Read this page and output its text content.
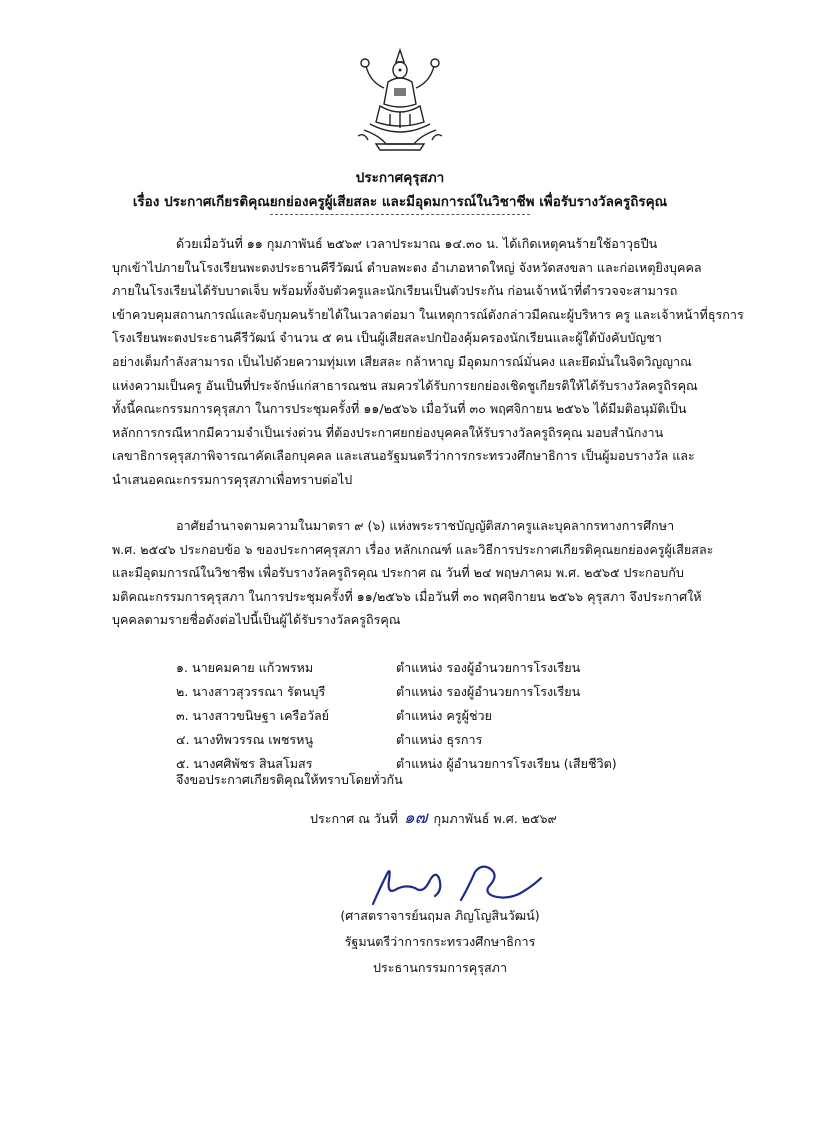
ประกาศคุรุสภา
เรื่อง ประกาศเกียรติคุณยกย่องครูผู้เสียสละ และมีอุดมการณ์ในวิชาชีพ เพื่อรับรางวัลครูถิรคุณ
ด้วยเมื่อวันที่ ๑๑ กุมภาพันธ์ ๒๕๖๙ เวลาประมาณ ๑๔.๓๐ น. ได้เกิดเหตุคนร้ายใช้อาวุธปืน
บุกเข้าไปภายในโรงเรียนพะตงประธานคีรีวัฒน์ ตำบลพะตง อำเภอหาดใหญ่ จังหวัดสงขลา และก่อเหตุยิงบุคคล
ภายในโรงเรียนได้รับบาดเจ็บ พร้อมทั้งจับตัวครูและนักเรียนเป็นตัวประกัน ก่อนเจ้าหน้าที่ตำรวจจะสามารถ
เข้าควบคุมสถานการณ์และจับกุมคนร้ายได้ในเวลาต่อมา ในเหตุการณ์ดังกล่าวมีคณะผู้บริหาร ครู และเจ้าหน้าที่ธุรการ
โรงเรียนพะตงประธานคีรีวัฒน์ จำนวน ๕ คน เป็นผู้เสียสละปกป้องคุ้มครองนักเรียนและผู้ใต้บังคับบัญชา
อย่างเต็มกำลังสามารถ เป็นไปด้วยความทุ่มเท เสียสละ กล้าหาญ มีอุดมการณ์มั่นคง และยึดมั่นในจิตวิญญาณ
แห่งความเป็นครู อันเป็นที่ประจักษ์แก่สาธารณชน สมควรได้รับการยกย่องเชิดชูเกียรติให้ได้รับรางวัลครูถิรคุณ
ทั้งนี้คณะกรรมการคุรุสภา ในการประชุมครั้งที่ ๑๑/๒๕๖๖ เมื่อวันที่ ๓๐ พฤศจิกายน ๒๕๖๖ ได้มีมติอนุมัติเป็น
หลักการกรณีหากมีความจำเป็นเร่งด่วน ที่ต้องประกาศยกย่องบุคคลให้รับรางวัลครูถิรคุณ มอบสำนักงาน
เลขาธิการคุรุสภาพิจารณาคัดเลือกบุคคล และเสนอรัฐมนตรีว่าการกระทรวงศึกษาธิการ เป็นผู้มอบรางวัล และ
นำเสนอคณะกรรมการคุรุสภาเพื่อทราบต่อไป
อาศัยอำนาจตามความในมาตรา ๙ (๖) แห่งพระราชบัญญัติสภาครูและบุคลากรทางการศึกษา
พ.ศ. ๒๕๔๖ ประกอบข้อ ๖ ของประกาศคุรุสภา เรื่อง หลักเกณฑ์ และวิธีการประกาศเกียรติคุณยกย่องครูผู้เสียสละ
และมีอุดมการณ์ในวิชาชีพ เพื่อรับรางวัลครูถิรคุณ ประกาศ ณ วันที่ ๒๔ พฤษภาคม พ.ศ. ๒๕๖๕ ประกอบกับ
มติคณะกรรมการคุรุสภา ในการประชุมครั้งที่ ๑๑/๒๕๖๖ เมื่อวันที่ ๓๐ พฤศจิกายน ๒๕๖๖ คุรุสภา จึงประกาศให้
บุคคลตามรายชื่อดังต่อไปนี้เป็นผู้ได้รับรางวัลครูถิรคุณ
๑. นายคมคาย แก้วพรหม	ตำแหน่ง รองผู้อำนวยการโรงเรียน
๒. นางสาวสุวรรณา รัตนบุรี	ตำแหน่ง รองผู้อำนวยการโรงเรียน
๓. นางสาวขนิษฐา เครือวัลย์	ตำแหน่ง ครูผู้ช่วย
๔. นางทิพวรรณ เพชรหนู	ตำแหน่ง ธุรการ
๕. นางศศิพัชร สินสโมสร	ตำแหน่ง ผู้อำนวยการโรงเรียน (เสียชีวิต)
จึงขอประกาศเกียรติคุณให้ทราบโดยทั่วกัน
ประกาศ ณ วันที่ ๑๗ กุมภาพันธ์ พ.ศ. ๒๕๖๙
(ศาสตราจารย์นฤมล ภิญโญสินวัฒน์)
รัฐมนตรีว่าการกระทรวงศึกษาธิการ
ประธานกรรมการคุรุสภา
